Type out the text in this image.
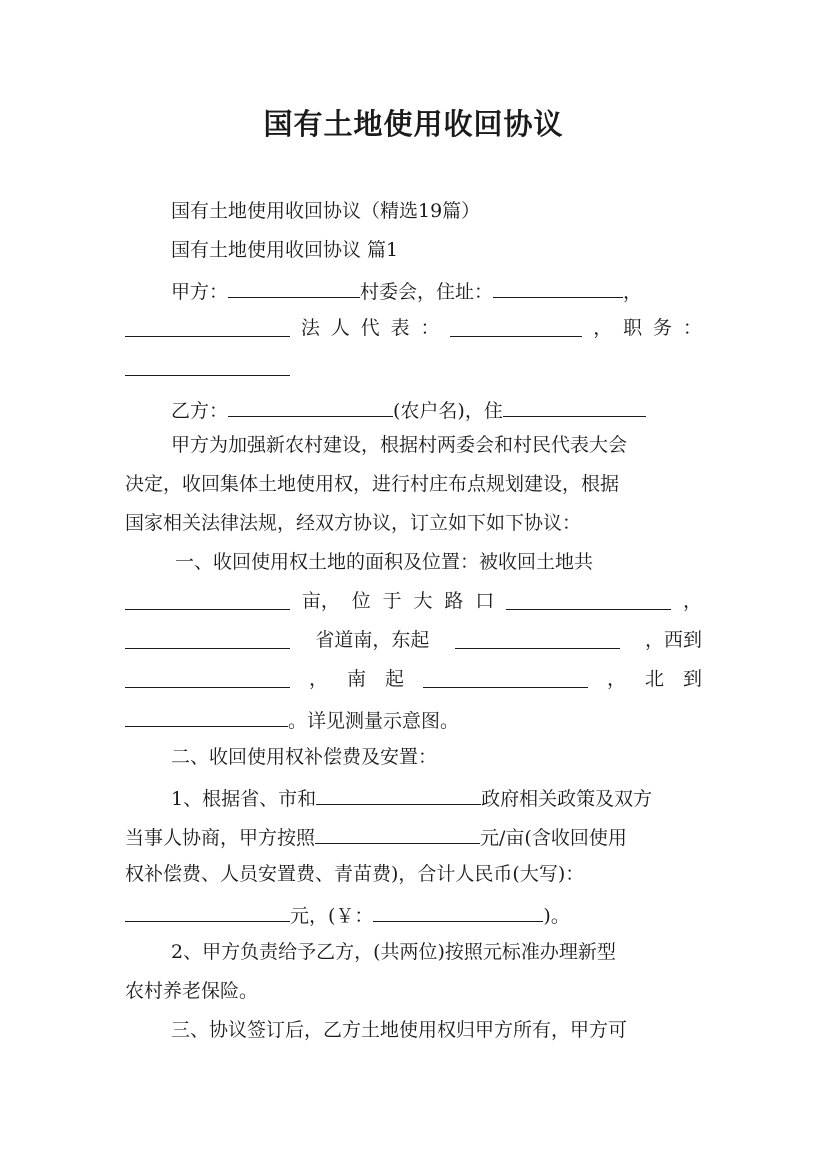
国有土地使用收回协议
国有土地使用收回协议（精选19篇）
国有土地使用收回协议 篇1
甲方：	村委会，住址：	，
法 人 代 表 ：	， 职 务 ：
乙方：	(农户名)，住
甲方为加强新农村建设，根据村两委会和村民代表大会
决定，收回集体土地使用权，进行村庄布点规划建设，根据
国家相关法律法规，经双方协议，订立如下如下协议：
一、收回使用权土地的面积及位置：被收回土地共
亩， 位 于 大 路 口	，
省道南，东起	，西到
， 南 起	， 北 到
。详见测量示意图。
二、收回使用权补偿费及安置：
1、根据省、市和	政府相关政策及双方
当事人协商，甲方按照	元/亩(含收回使用
权补偿费、人员安置费、青苗费)，合计人民币(大写)：
元，(￥：	)。
2、甲方负责给予乙方，(共两位)按照元标准办理新型
农村养老保险。
三、协议签订后，乙方土地使用权归甲方所有，甲方可
